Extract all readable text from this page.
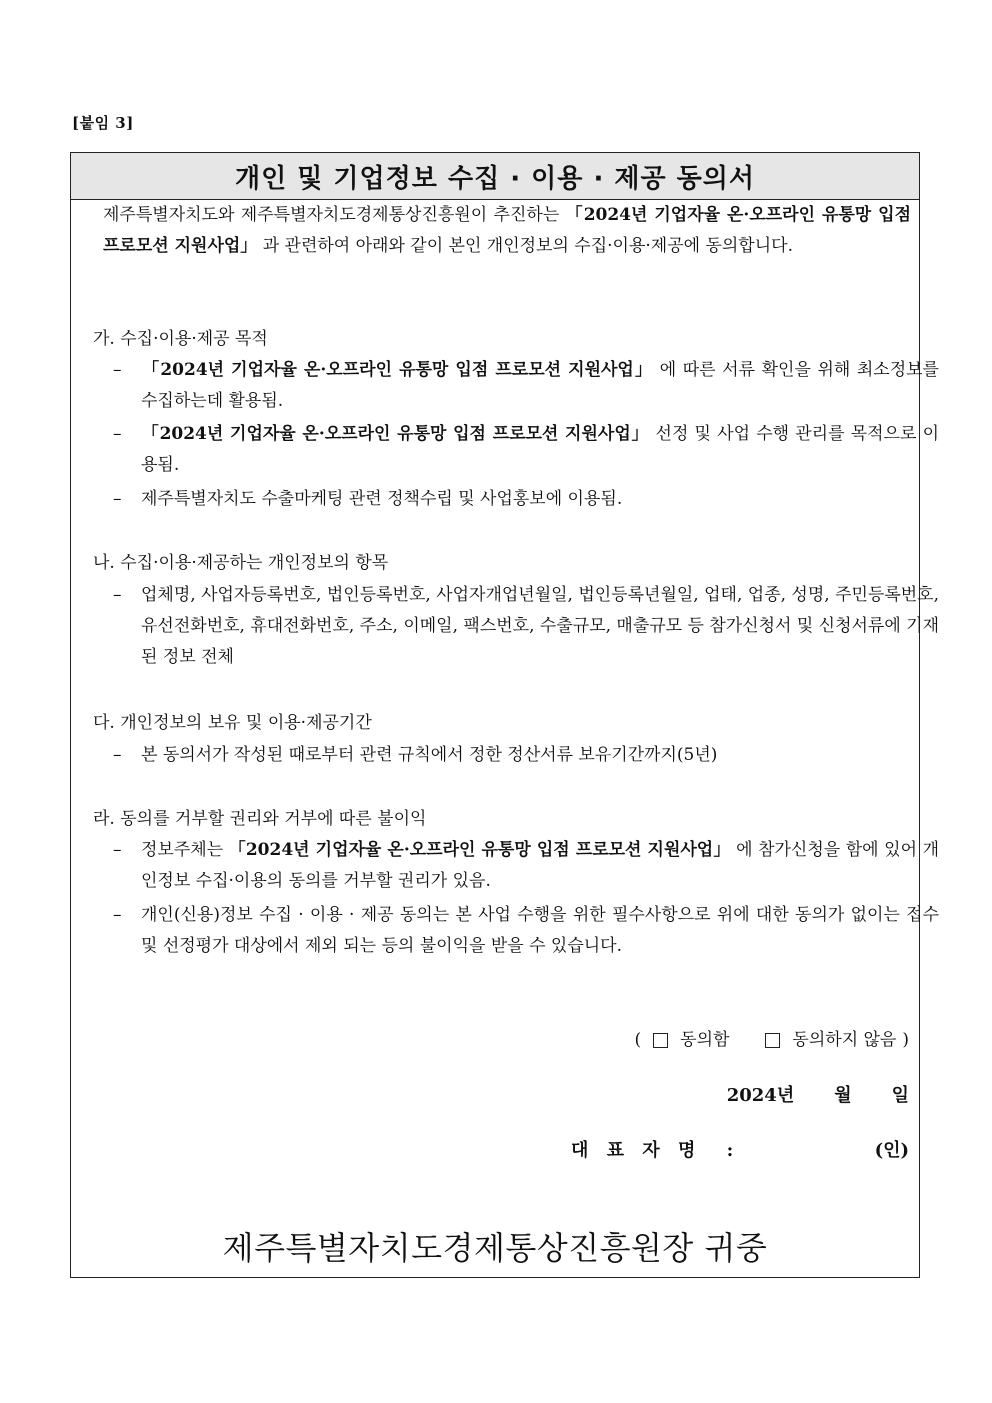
[붙임 3]
개인 및 기업정보 수집 · 이용 · 제공 동의서
제주특별자치도와 제주특별자치도경제통상진흥원이 추진하는 「2024년 기업자율 온·오프라인 유통망 입점 프로모션 지원사업」 과 관련하여 아래와 같이 본인 개인정보의 수집·이용·제공에 동의합니다.
가. 수집·이용·제공 목적
– 「2024년 기업자율 온·오프라인 유통망 입점 프로모션 지원사업」 에 따른 서류 확인을 위해 최소정보를 수집하는데 활용됨.
– 「2024년 기업자율 온·오프라인 유통망 입점 프로모션 지원사업」 선정 및 사업 수행 관리를 목적으로 이용됨.
– 제주특별자치도 수출마케팅 관련 정책수립 및 사업홍보에 이용됨.
나. 수집·이용·제공하는 개인정보의 항목
– 업체명, 사업자등록번호, 법인등록번호, 사업자개업년월일, 법인등록년월일, 업태, 업종, 성명, 주민등록번호, 유선전화번호, 휴대전화번호, 주소, 이메일, 팩스번호, 수출규모, 매출규모 등 참가신청서 및 신청서류에 기재된 정보 전체
다. 개인정보의 보유 및 이용·제공기간
– 본 동의서가 작성된 때로부터 관련 규칙에서 정한 정산서류 보유기간까지(5년)
라. 동의를 거부할 권리와 거부에 따른 불이익
– 정보주체는 「2024년 기업자율 온·오프라인 유통망 입점 프로모션 지원사업」 에 참가신청을 함에 있어 개인정보 수집·이용의 동의를 거부할 권리가 있음.
– 개인(신용)정보 수집 · 이용 · 제공 동의는 본 사업 수행을 위한 필수사항으로 위에 대한 동의가 없이는 접수 및 선정평가 대상에서 제외 되는 등의 불이익을 받을 수 있습니다.
( 동의함	동의하지 않음 )
2024년 월 일
대 표 자 명 :	(인)
제주특별자치도경제통상진흥원장 귀중
